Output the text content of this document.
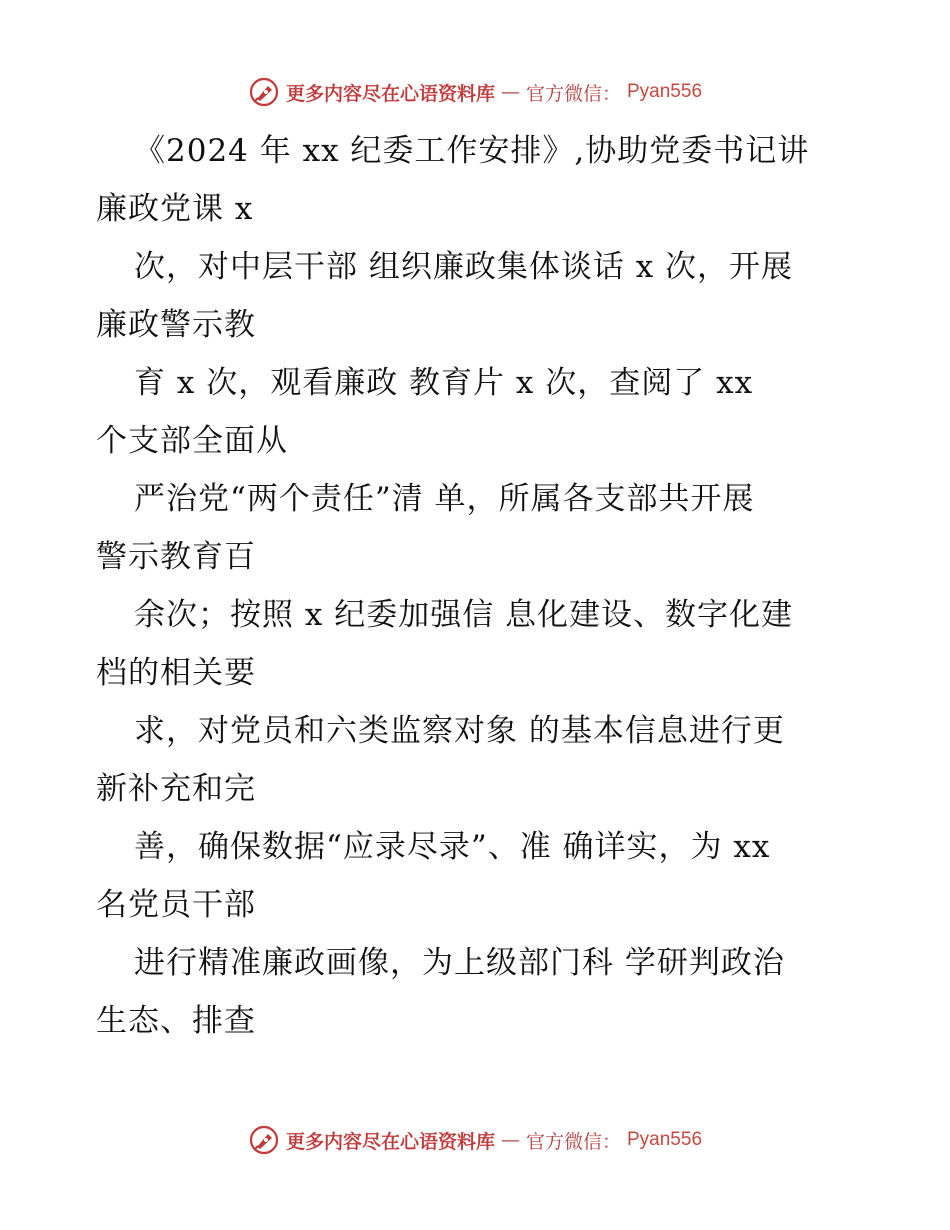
更多内容尽在心语资料库 — 官方微信： Pyan556
《2024 年 xx 纪委工作安排》,协助党委书记讲
廉政党课 x
次，对中层干部 组织廉政集体谈话 x 次，开展
廉政警示教
育 x 次，观看廉政 教育片 x 次，查阅了 xx
个支部全面从
严治党“两个责任”清 单，所属各支部共开展
警示教育百
余次；按照 x 纪委加强信 息化建设、数字化建
档的相关要
求，对党员和六类监察对象 的基本信息进行更
新补充和完
善，确保数据“应录尽录”、准 确详实，为 xx
名党员干部
进行精准廉政画像，为上级部门科 学研判政治
生态、排查
更多内容尽在心语资料库 — 官方微信： Pyan556
